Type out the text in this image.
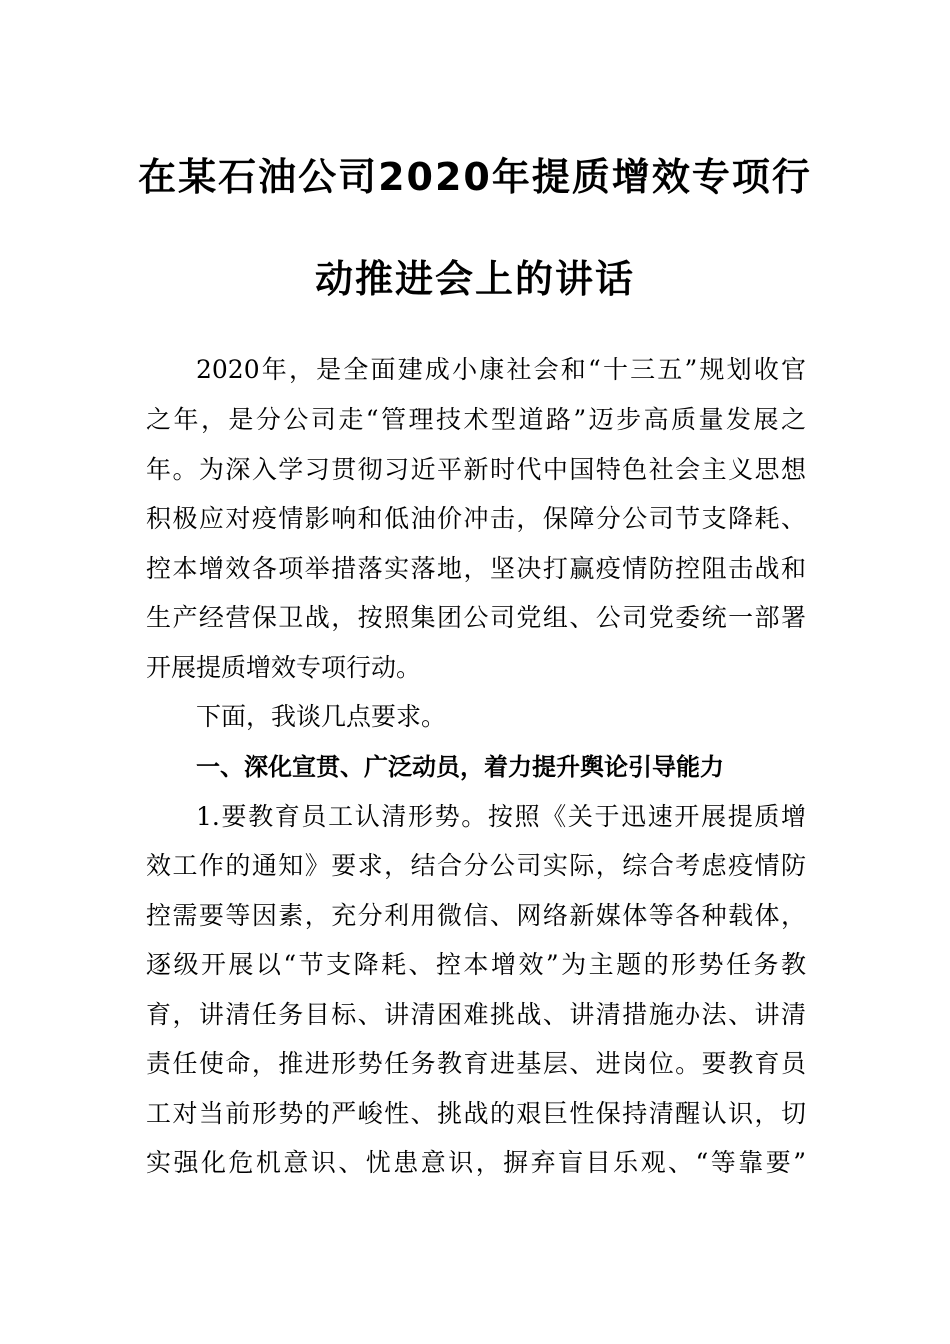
在某石油公司2020年提质增效专项行
动推进会上的讲话
2020年，是全面建成小康社会和“十三五”规划收官
之年，是分公司走“管理技术型道路”迈步高质量发展之
年。为深入学习贯彻习近平新时代中国特色社会主义思想
积极应对疫情影响和低油价冲击，保障分公司节支降耗、
控本增效各项举措落实落地，坚决打赢疫情防控阻击战和
生产经营保卫战，按照集团公司党组、公司党委统一部署
开展提质增效专项行动。
下面，我谈几点要求。
一、深化宣贯、广泛动员，着力提升舆论引导能力
1.要教育员工认清形势。按照《关于迅速开展提质增
效工作的通知》要求，结合分公司实际，综合考虑疫情防
控需要等因素，充分利用微信、网络新媒体等各种载体，
逐级开展以“节支降耗、控本增效”为主题的形势任务教
育，讲清任务目标、讲清困难挑战、讲清措施办法、讲清
责任使命，推进形势任务教育进基层、进岗位。要教育员
工对当前形势的严峻性、挑战的艰巨性保持清醒认识，切
实强化危机意识、忧患意识，摒弃盲目乐观、“等靠要”
